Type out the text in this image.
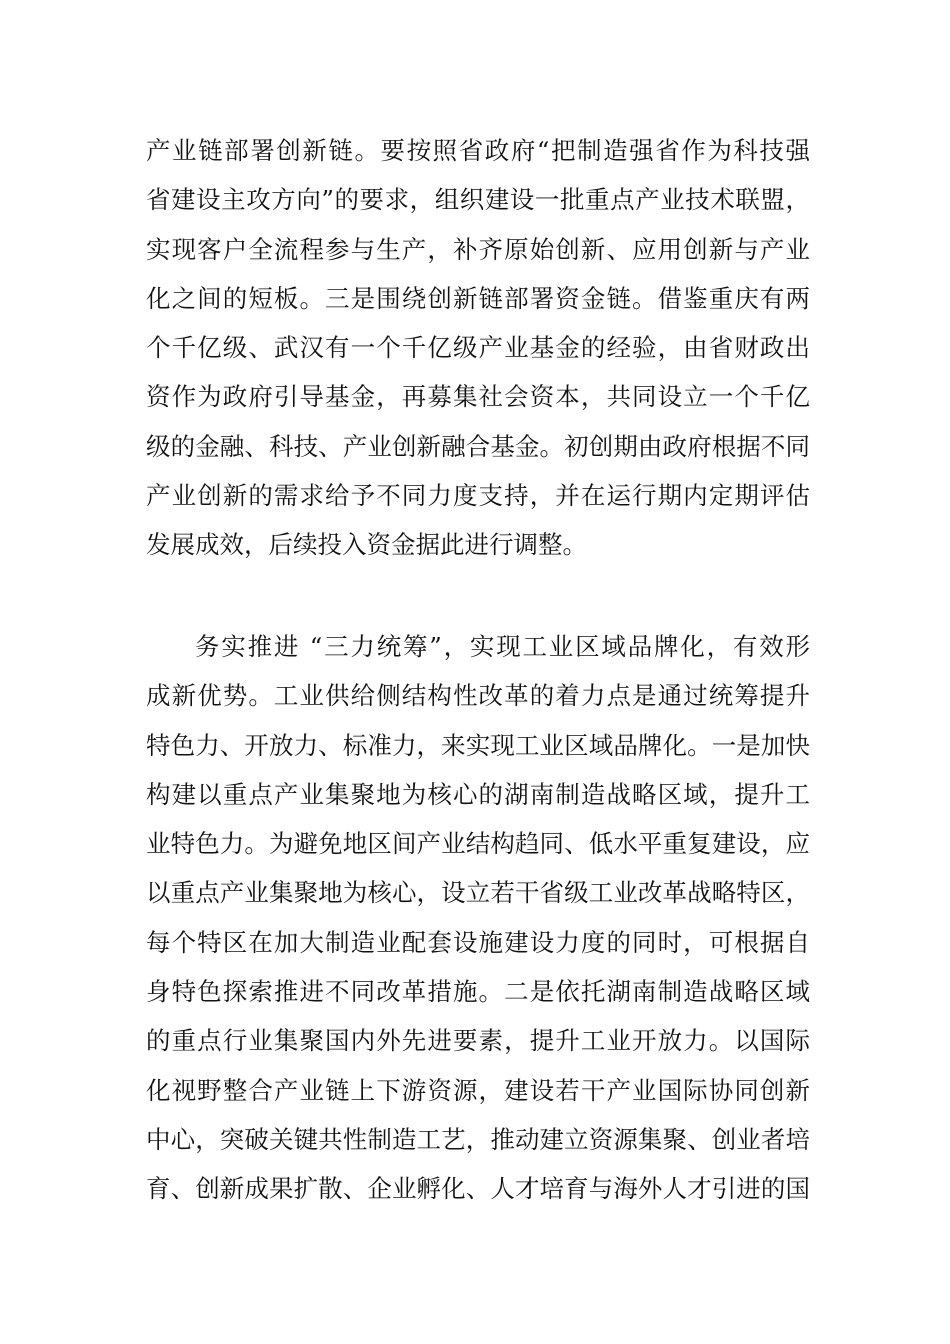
产业链部署创新链。要按照省政府“把制造强省作为科技强
省建设主攻方向”的要求，组织建设一批重点产业技术联盟，
实现客户全流程参与生产，补齐原始创新、应用创新与产业
化之间的短板。三是围绕创新链部署资金链。借鉴重庆有两
个千亿级、武汉有一个千亿级产业基金的经验，由省财政出
资作为政府引导基金，再募集社会资本，共同设立一个千亿
级的金融、科技、产业创新融合基金。初创期由政府根据不同
产业创新的需求给予不同力度支持，并在运行期内定期评估
发展成效，后续投入资金据此进行调整。
务实推进 “三力统筹”，实现工业区域品牌化，有效形
成新优势。工业供给侧结构性改革的着力点是通过统筹提升
特色力、开放力、标准力，来实现工业区域品牌化。一是加快
构建以重点产业集聚地为核心的湖南制造战略区域，提升工
业特色力。为避免地区间产业结构趋同、低水平重复建设，应
以重点产业集聚地为核心，设立若干省级工业改革战略特区，
每个特区在加大制造业配套设施建设力度的同时，可根据自
身特色探索推进不同改革措施。二是依托湖南制造战略区域
的重点行业集聚国内外先进要素，提升工业开放力。以国际
化视野整合产业链上下游资源，建设若干产业国际协同创新
中心，突破关键共性制造工艺，推动建立资源集聚、创业者培
育、创新成果扩散、企业孵化、人才培育与海外人才引进的国
